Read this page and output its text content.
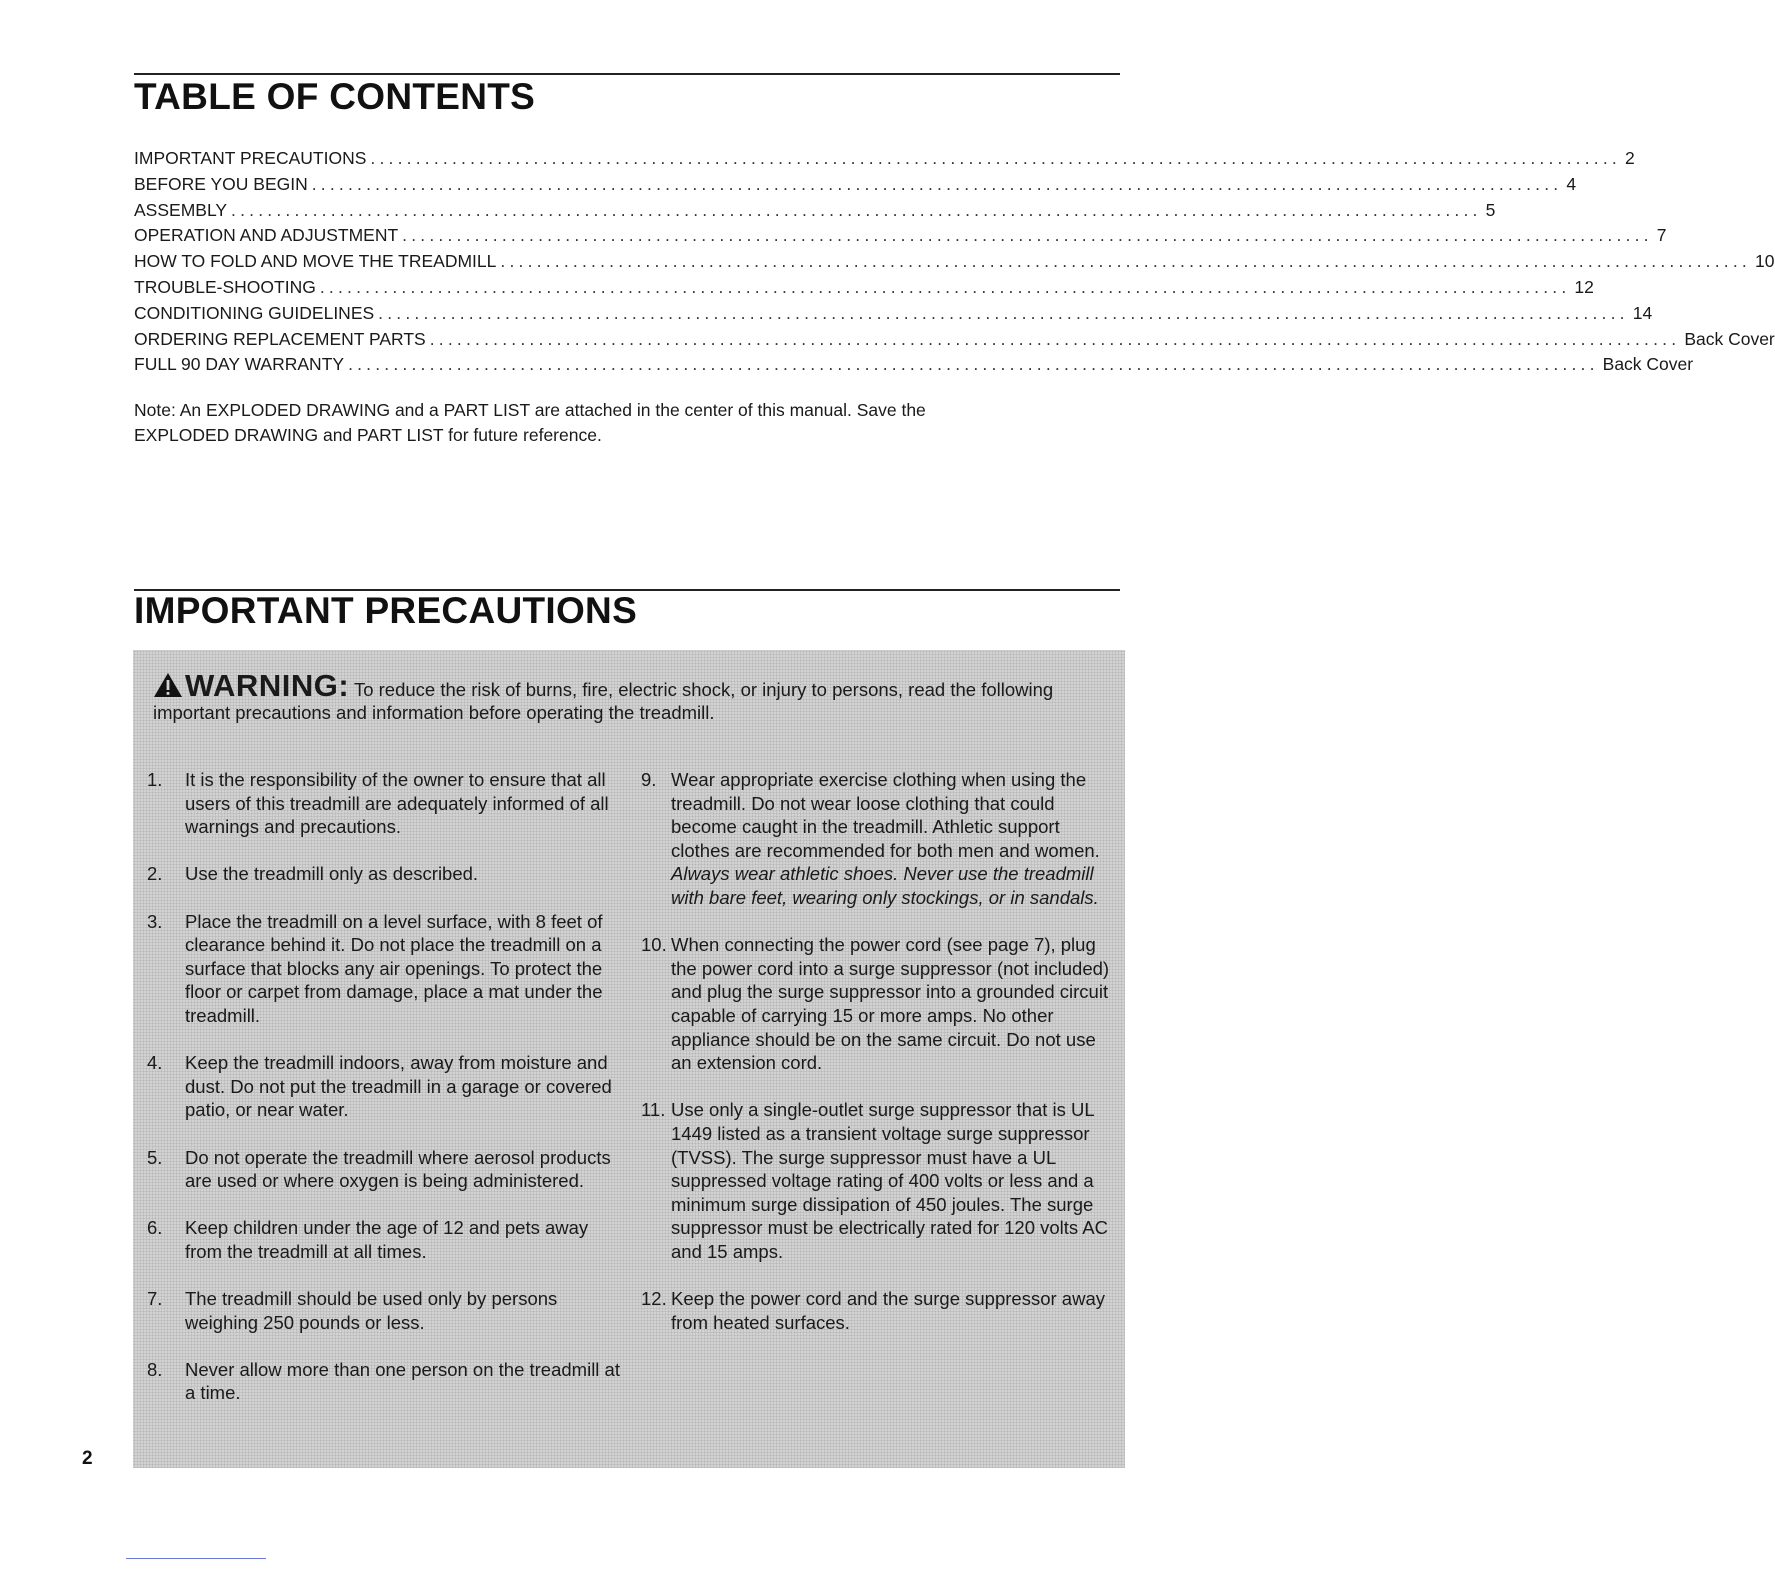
TABLE OF CONTENTS
IMPORTANT PRECAUTIONS .......................................................................................................................................... 2
BEFORE YOU BEGIN .......................................................................................................................................... 4
ASSEMBLY .......................................................................................................................................... 5
OPERATION AND ADJUSTMENT .......................................................................................................................................... 7
HOW TO FOLD AND MOVE THE TREADMILL .......................................................................................................................................... 10
TROUBLE-SHOOTING .......................................................................................................................................... 12
CONDITIONING GUIDELINES .......................................................................................................................................... 14
ORDERING REPLACEMENT PARTS .......................................................................................................................................... Back Cover
FULL 90 DAY WARRANTY .......................................................................................................................................... Back Cover

Note: An EXPLODED DRAWING and a PART LIST are attached in the center of this manual. Save the
EXPLODED DRAWING and PART LIST for future reference.

IMPORTANT PRECAUTIONS

WARNING: To reduce the risk of burns, fire, electric shock, or injury to persons, read the following important precautions and information before operating the treadmill.

1.	It is the responsibility of the owner to ensure that all users of this treadmill are adequately informed of all warnings and precautions.
2.	Use the treadmill only as described.
3.	Place the treadmill on a level surface, with 8 feet of clearance behind it. Do not place the treadmill on a surface that blocks any air openings. To protect the floor or carpet from damage, place a mat under the treadmill.
4.	Keep the treadmill indoors, away from moisture and dust. Do not put the treadmill in a garage or covered patio, or near water.
5.	Do not operate the treadmill where aerosol products are used or where oxygen is being administered.
6.	Keep children under the age of 12 and pets away from the treadmill at all times.
7.	The treadmill should be used only by persons weighing 250 pounds or less.
8.	Never allow more than one person on the treadmill at a time.
9. Wear appropriate exercise clothing when using the treadmill. Do not wear loose clothing that could become caught in the treadmill. Athletic support clothes are recommended for both men and women. Always wear athletic shoes. Never use the treadmill with bare feet, wearing only stockings, or in sandals.
10. When connecting the power cord (see page 7), plug the power cord into a surge suppressor (not included) and plug the surge suppressor into a grounded circuit capable of carrying 15 or more amps. No other appliance should be on the same circuit. Do not use an extension cord.
11. Use only a single-outlet surge suppressor that is UL 1449 listed as a transient voltage surge suppressor (TVSS). The surge suppressor must have a UL suppressed voltage rating of 400 volts or less and a minimum surge dissipation of 450 joules. The surge suppressor must be electrically rated for 120 volts AC and 15 amps.
12. Keep the power cord and the surge suppressor away from heated surfaces.

2
